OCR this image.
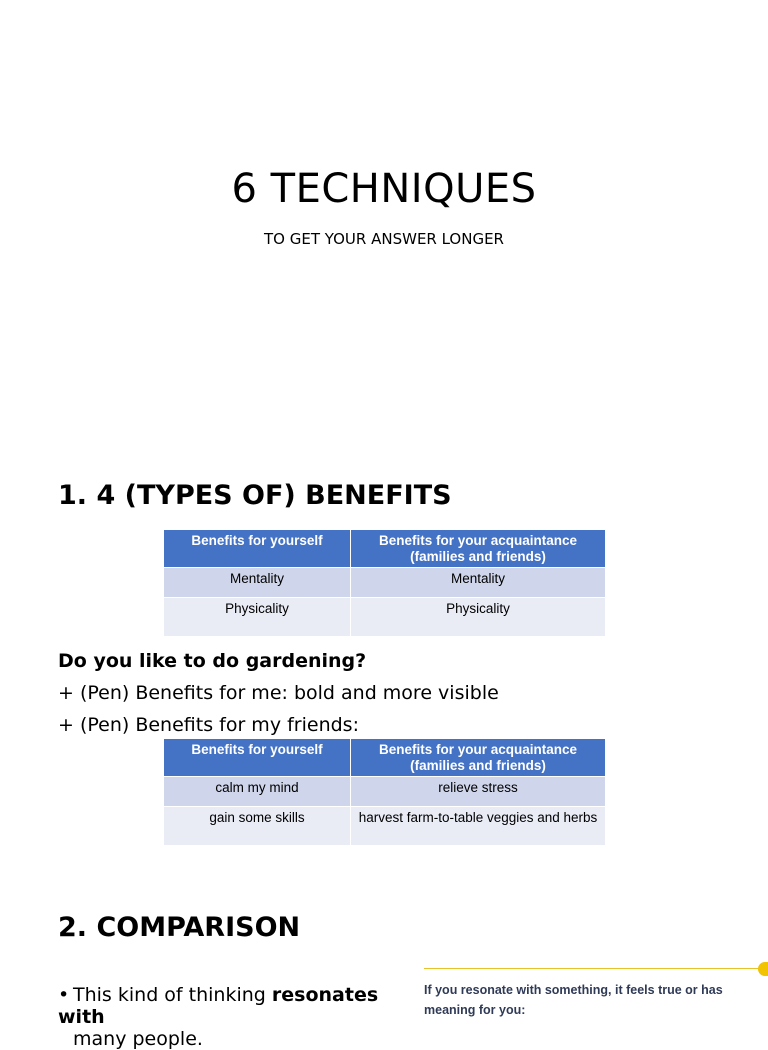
6 TECHNIQUES
TO GET YOUR ANSWER LONGER
1. 4 (TYPES OF) BENEFITS
Benefits for yourself	Benefits for your acquaintance (families and friends)
Mentality	Mentality
Physicality	Physicality
Do you like to do gardening?
+ (Pen) Benefits for me: bold and more visible
+ (Pen) Benefits for my friends:
Benefits for yourself	Benefits for your acquaintance (families and friends)
calm my mind	relieve stress
gain some skills	harvest farm-to-table veggies and herbs
2. COMPARISON
• This kind of thinking resonates with
many people.
If you resonate with something, it feels true or has meaning for you:
